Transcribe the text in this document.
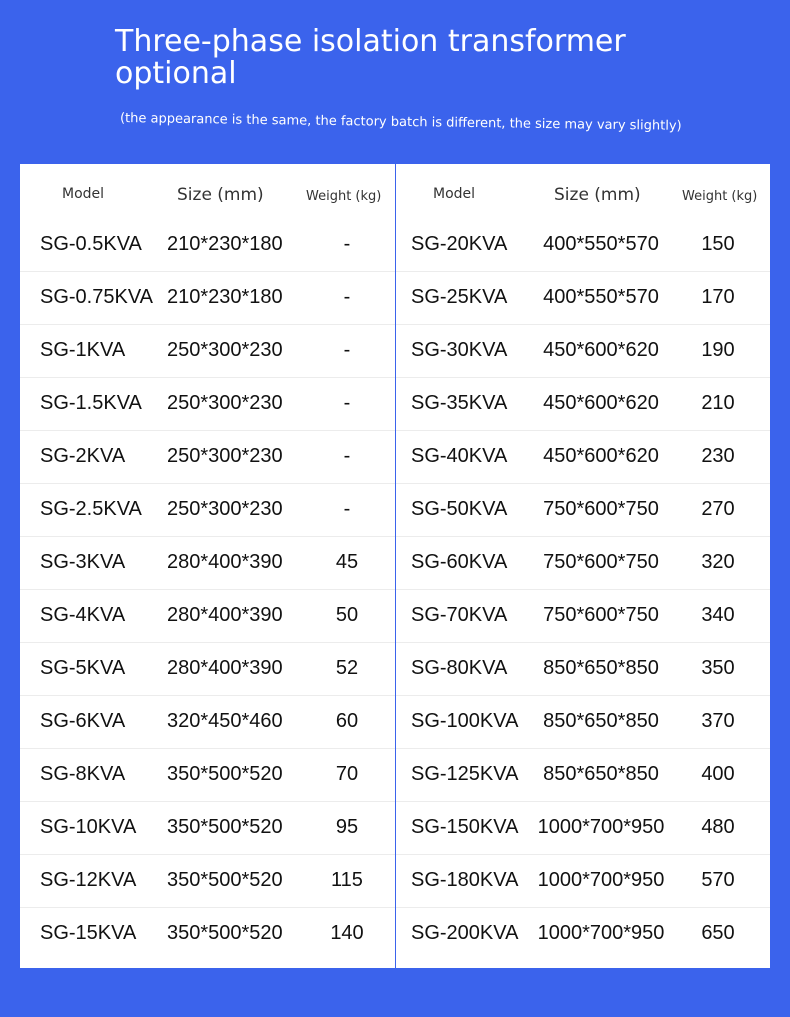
Three-phase isolation transformer optional

(the appearance is the same, the factory batch is different, the size may vary slightly)

Model	Size (mm)	Weight (kg)
SG-0.5KVA 210*230*180	-
SG-0.75KVA 210*230*180	-
SG-1KVA 250*300*230	-
SG-1.5KVA 250*300*230	-
SG-2KVA 250*300*230	-
SG-2.5KVA 250*300*230	-
SG-3KVA 280*400*390	45
SG-4KVA 280*400*390	50
SG-5KVA 280*400*390	52
SG-6KVA 320*450*460	60
SG-8KVA 350*500*520	70
SG-10KVA 350*500*520	95
SG-12KVA 350*500*520	115
SG-15KVA 350*500*520	140
Model	Size (mm)	Weight (kg)
SG-20KVA	400*550*570	150
SG-25KVA	400*550*570	170
SG-30KVA	450*600*620	190
SG-35KVA	450*600*620	210
SG-40KVA	450*600*620	230
SG-50KVA	750*600*750	270
SG-60KVA	750*600*750	320
SG-70KVA	750*600*750	340
SG-80KVA	850*650*850	350
SG-100KVA	850*650*850	370
SG-125KVA	850*650*850	400
SG-150KVA 1000*700*950	480
SG-180KVA 1000*700*950	570
SG-200KVA 1000*700*950	650
